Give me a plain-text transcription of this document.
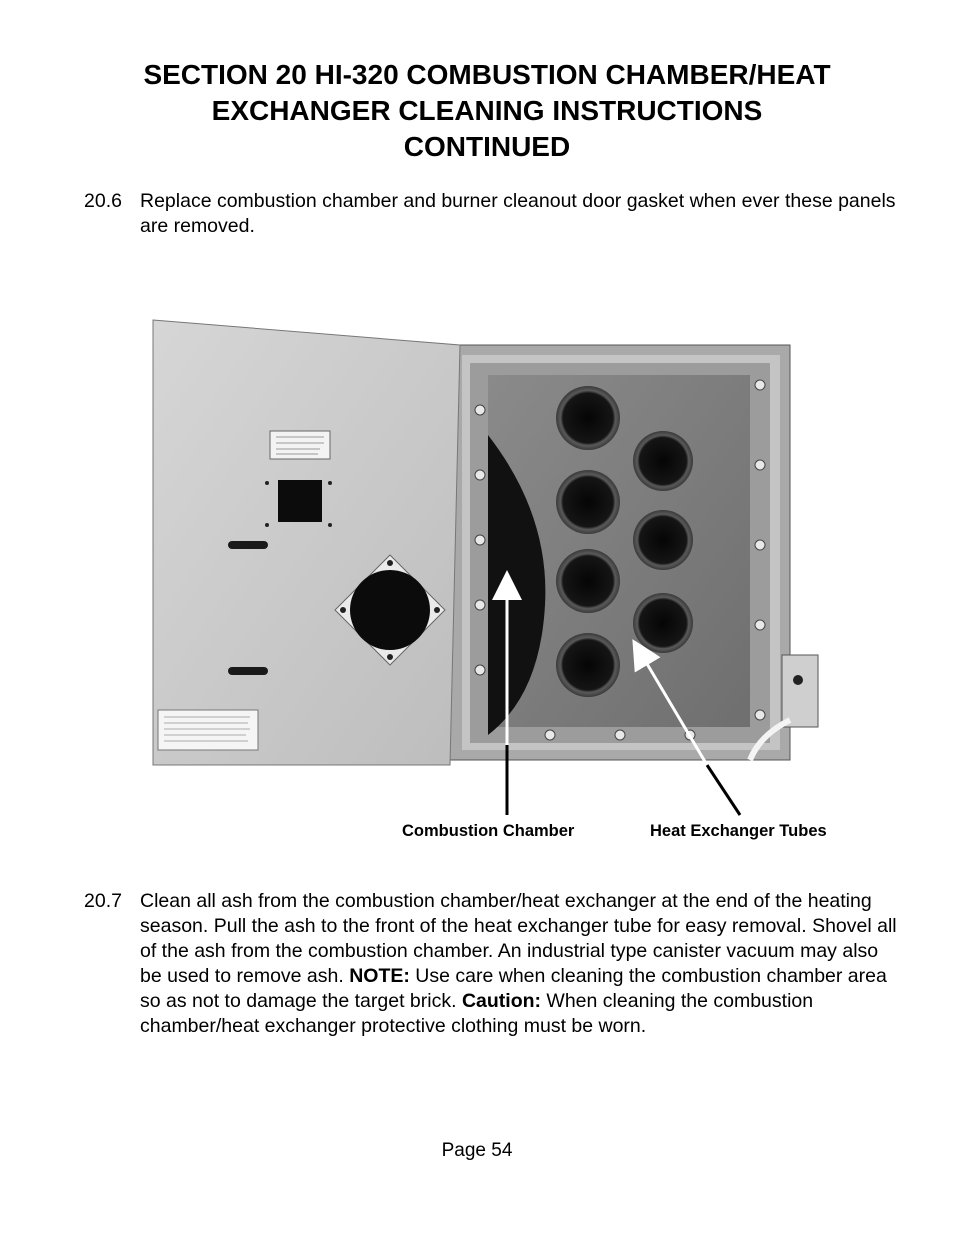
SECTION 20 HI-320 COMBUSTION CHAMBER/HEAT
EXCHANGER CLEANING INSTRUCTIONS
CONTINUED
20.6 Replace combustion chamber and burner cleanout door gasket when ever these panels are removed.
Combustion Chamber	Heat Exchanger Tubes
20.7 Clean all ash from the combustion chamber/heat exchanger at the end of the heating season. Pull the ash to the front of the heat exchanger tube for easy removal. Shovel all of the ash from the combustion chamber. An industrial type canister vacuum may also be used to remove ash. NOTE: Use care when cleaning the combustion chamber area so as not to damage the target brick. Caution: When cleaning the combustion chamber/heat exchanger protective clothing must be worn.
Page 54
